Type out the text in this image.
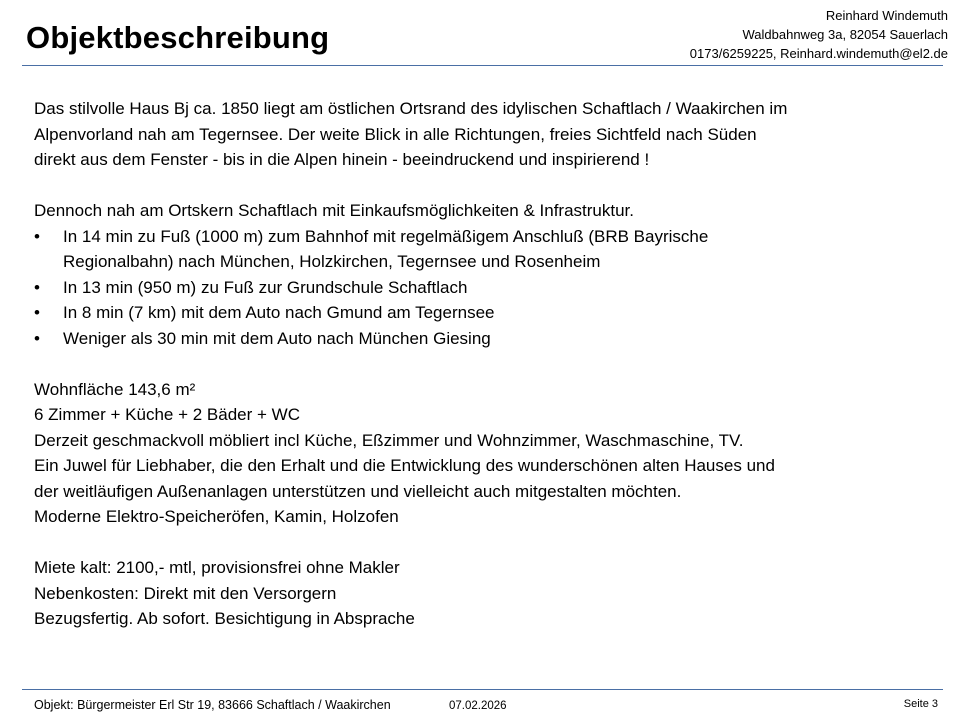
Objektbeschreibung
Reinhard Windemuth
Waldbahnweg 3a, 82054 Sauerlach
0173/6259225, Reinhard.windemuth@el2.de

Das stilvolle Haus Bj ca. 1850 liegt am östlichen Ortsrand des idylischen Schaftlach / Waakirchen im

Alpenvorland nah am Tegernsee. Der weite Blick in alle Richtungen, freies Sichtfeld nach Süden

direkt aus dem Fenster - bis in die Alpen hinein - beeindruckend und inspirierend !

Dennoch nah am Ortskern Schaftlach mit Einkaufsmöglichkeiten & Infrastruktur.

• In 14 min zu Fuß (1000 m) zum Bahnhof mit regelmäßigem Anschluß (BRB Bayrische
Regionalbahn) nach München, Holzkirchen, Tegernsee und Rosenheim
• In 13 min (950 m) zu Fuß zur Grundschule Schaftlach
• In 8 min (7 km) mit dem Auto nach Gmund am Tegernsee
• Weniger als 30 min mit dem Auto nach München Giesing

Wohnfläche 143,6 m²

6 Zimmer + Küche + 2 Bäder + WC

Derzeit geschmackvoll möbliert incl Küche, Eßzimmer und Wohnzimmer, Waschmaschine, TV.

Ein Juwel für Liebhaber, die den Erhalt und die Entwicklung des wunderschönen alten Hauses und

der weitläufigen Außenanlagen unterstützen und vielleicht auch mitgestalten möchten.

Moderne Elektro-Speicheröfen, Kamin, Holzofen

Miete kalt: 2100,- mtl, provisionsfrei ohne Makler

Nebenkosten: Direkt mit den Versorgern

Bezugsfertig. Ab sofort. Besichtigung in Absprache

Objekt: Bürgermeister Erl Str 19, 83666 Schaftlach / Waakirchen	07.02.2026	Seite 3
